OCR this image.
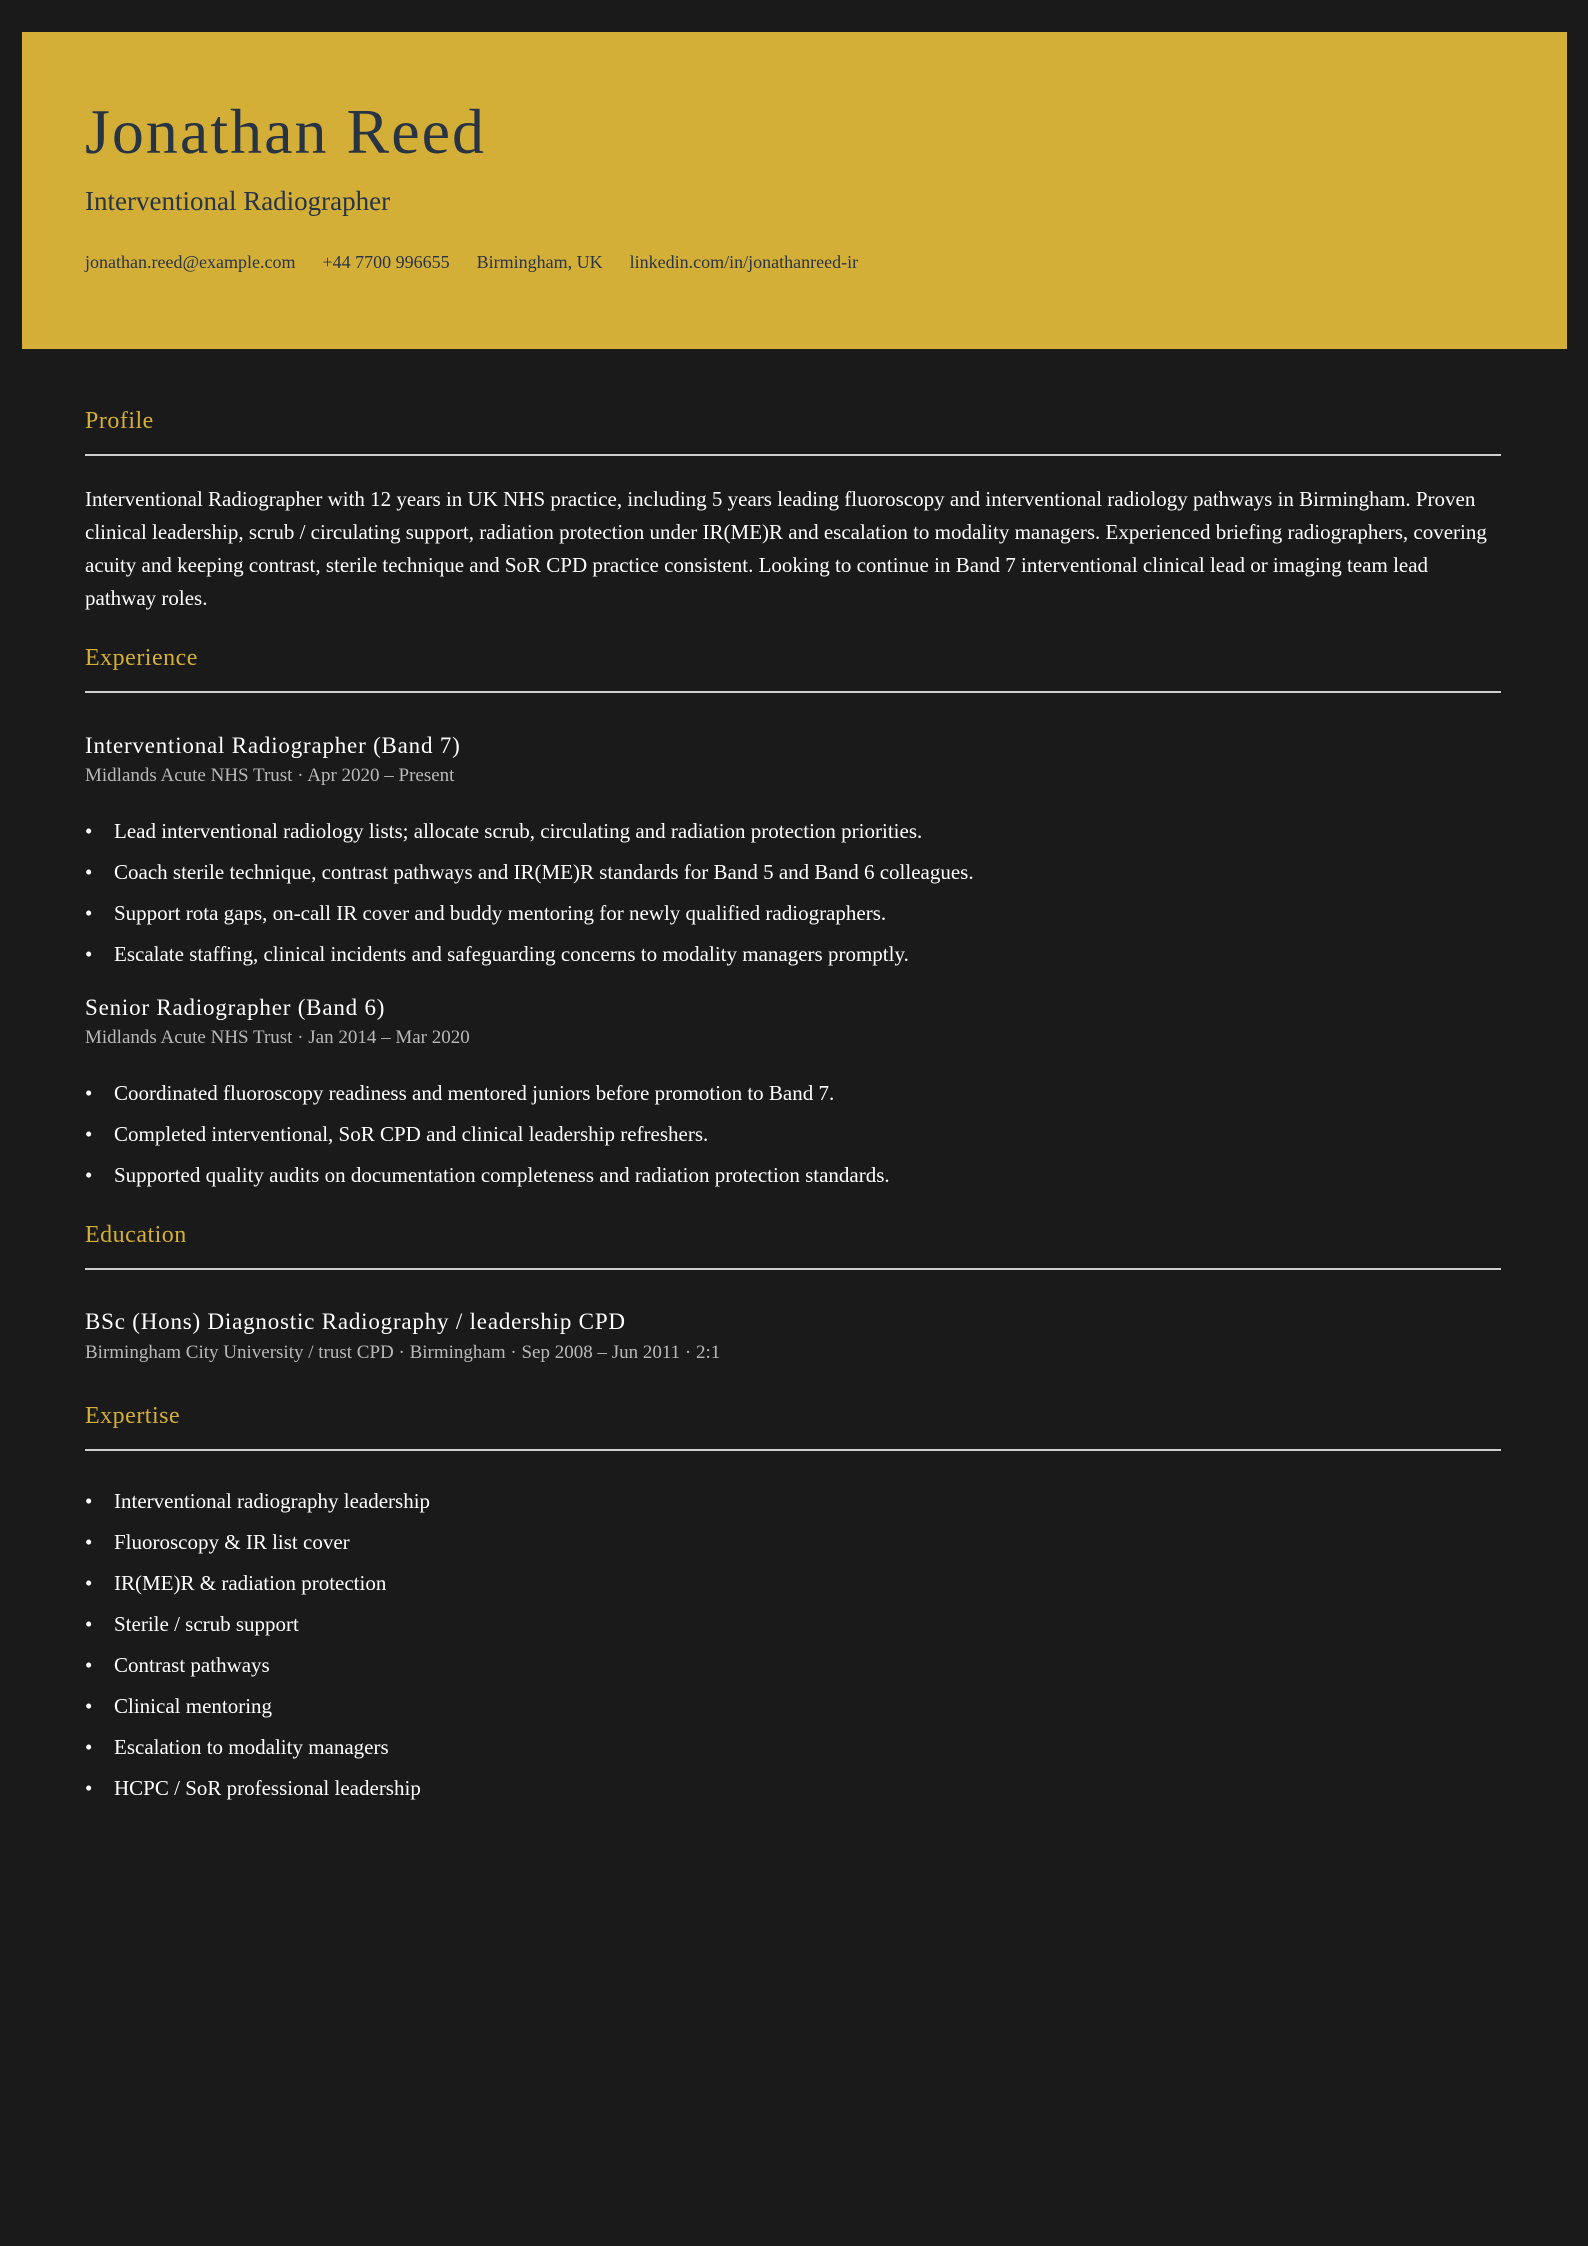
Jonathan Reed
Interventional Radiographer
jonathan.reed@example.com +44 7700 996655 Birmingham, UK linkedin.com/in/jonathanreed-ir
Profile
Interventional Radiographer with 12 years in UK NHS practice, including 5 years leading fluoroscopy and interventional radiology pathways in Birmingham. Proven clinical leadership, scrub / circulating support, radiation protection under IR(ME)R and escalation to modality managers. Experienced briefing radiographers, covering acuity and keeping contrast, sterile technique and SoR CPD practice consistent. Looking to continue in Band 7 interventional clinical lead or imaging team lead pathway roles.
Experience
Interventional Radiographer (Band 7)
Midlands Acute NHS Trust · Apr 2020 – Present
• Lead interventional radiology lists; allocate scrub, circulating and radiation protection priorities.
• Coach sterile technique, contrast pathways and IR(ME)R standards for Band 5 and Band 6 colleagues.
• Support rota gaps, on-call IR cover and buddy mentoring for newly qualified radiographers.
• Escalate staffing, clinical incidents and safeguarding concerns to modality managers promptly.
Senior Radiographer (Band 6)
Midlands Acute NHS Trust · Jan 2014 – Mar 2020
• Coordinated fluoroscopy readiness and mentored juniors before promotion to Band 7.
• Completed interventional, SoR CPD and clinical leadership refreshers.
• Supported quality audits on documentation completeness and radiation protection standards.
Education
BSc (Hons) Diagnostic Radiography / leadership CPD
Birmingham City University / trust CPD · Birmingham · Sep 2008 – Jun 2011 · 2:1
Expertise
• Interventional radiography leadership
• Fluoroscopy & IR list cover
• IR(ME)R & radiation protection
• Sterile / scrub support
• Contrast pathways
• Clinical mentoring
• Escalation to modality managers
• HCPC / SoR professional leadership
